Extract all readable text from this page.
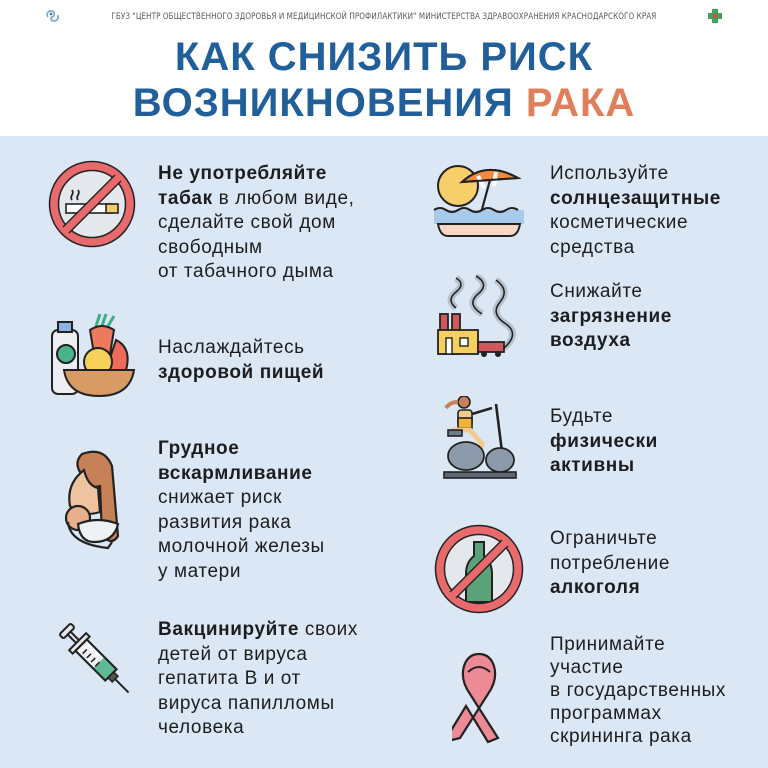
ГБУЗ "ЦЕНТР ОБЩЕСТВЕННОГО ЗДОРОВЬЯ И МЕДИЦИНСКОЙ ПРОФИЛАКТИКИ" МИНИСТЕРСТВА ЗДРАВООХРАНЕНИЯ КРАСНОДАРСКОГО КРАЯ
КАК СНИЗИТЬ РИСК
ВОЗНИКНОВЕНИЯ РАКА
Не употребляйте
табак в любом виде,
сделайте свой дом
свободным
от табачного дыма
Наслаждайтесь
здоровой пищей
Грудное
вскармливание
снижает риск
развития рака
молочной железы
у матери
Вакцинируйте своих
детей от вируса
гепатита В и от
вируса папилломы
человека
Используйте
солнцезащитные
косметические
средства
Снижайте
загрязнение
воздуха
Будьте
физически
активны
Ограничьте
потребление
алкоголя
Принимайте
участие
в государственных
программах
скрининга рака
